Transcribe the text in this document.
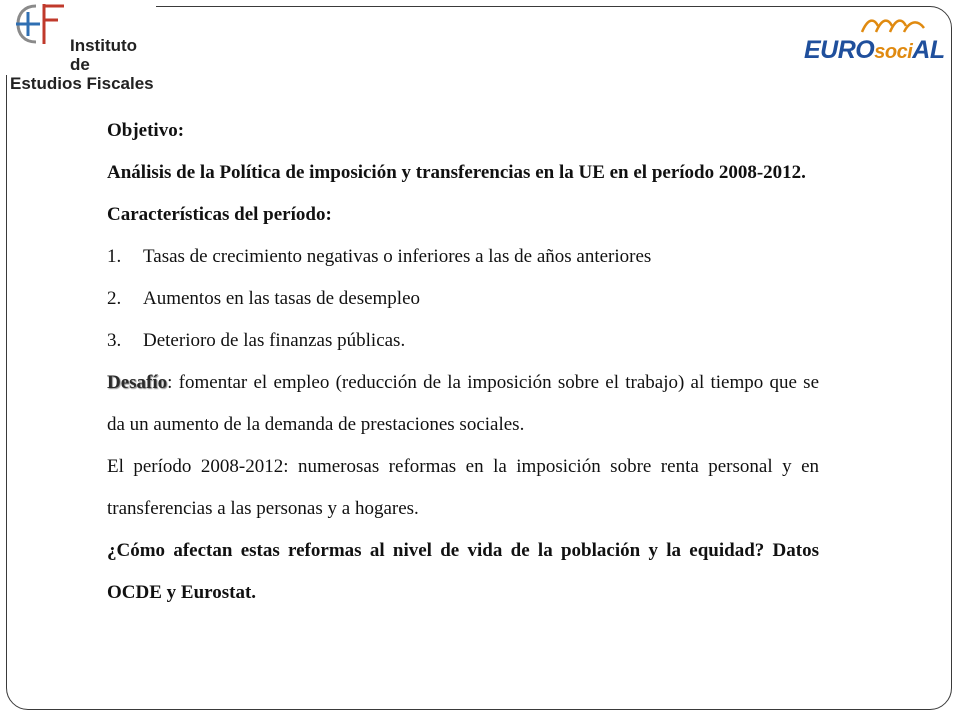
Instituto de
Estudios Fiscales
EUROsociAL

Objetivo:

Análisis de la Política de imposición y transferencias en la UE en el período 2008-2012.

Características del período:

1.	Tasas de crecimiento negativas o inferiores a las de años anteriores
2.	Aumentos en las tasas de desempleo
3.	Deterioro de las finanzas públicas.

Desafío: fomentar el empleo (reducción de la imposición sobre el trabajo) al tiempo que se da un aumento de la demanda de prestaciones sociales.

El período 2008-2012: numerosas reformas en la imposición sobre renta personal y en transferencias a las personas y a hogares.

¿Cómo afectan estas reformas al nivel de vida de la población y la equidad? Datos OCDE y Eurostat.
